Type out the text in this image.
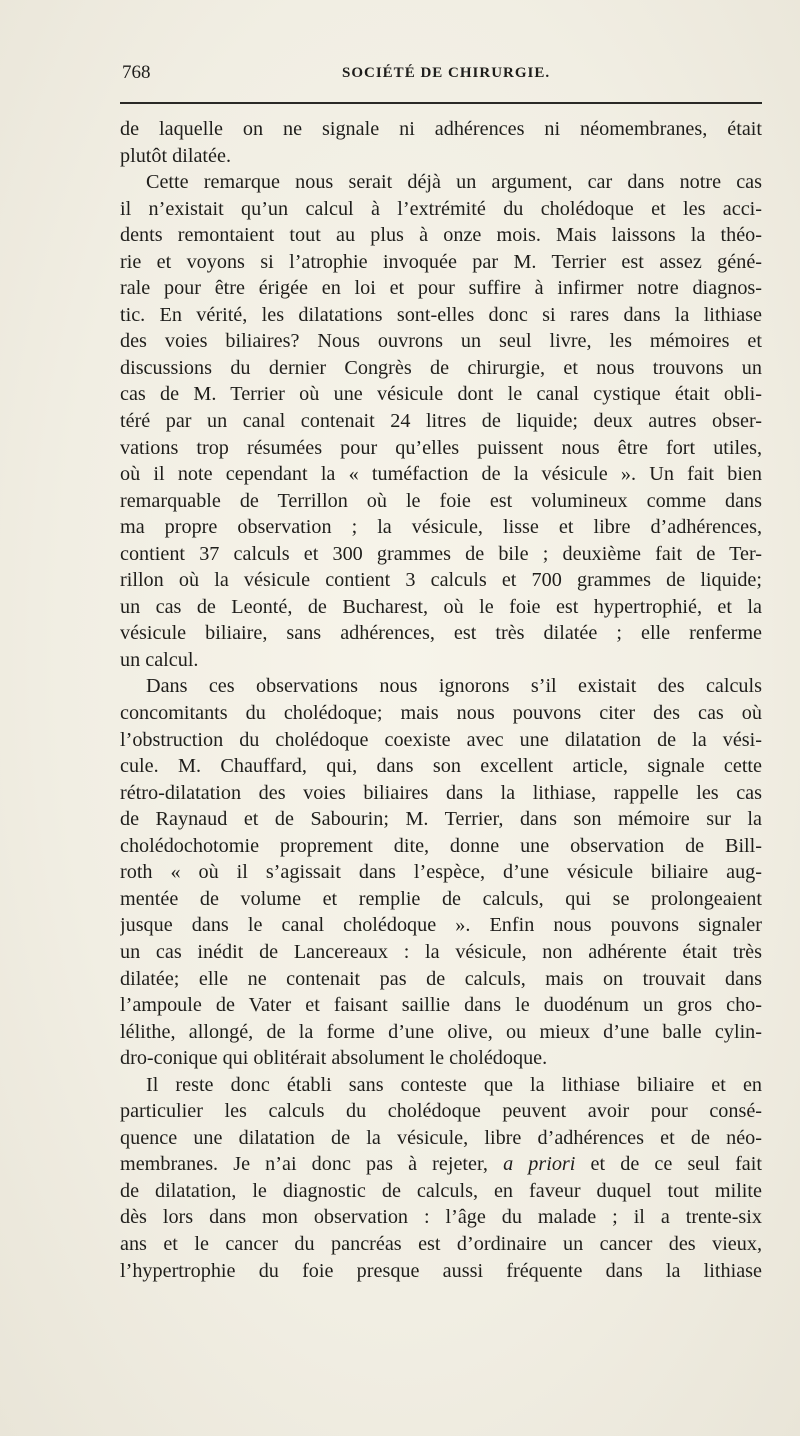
768	SOCIÉTÉ DE CHIRURGIE.
de laquelle on ne signale ni adhérences ni néomembranes, était
plutôt dilatée.
Cette remarque nous serait déjà un argument, car dans notre cas
il n’existait qu’un calcul à l’extrémité du cholédoque et les acci-
dents remontaient tout au plus à onze mois. Mais laissons la théo-
rie et voyons si l’atrophie invoquée par M. Terrier est assez géné-
rale pour être érigée en loi et pour suffire à infirmer notre diagnos-
tic. En vérité, les dilatations sont-elles donc si rares dans la lithiase
des voies biliaires? Nous ouvrons un seul livre, les mémoires et
discussions du dernier Congrès de chirurgie, et nous trouvons un
cas de M. Terrier où une vésicule dont le canal cystique était obli-
téré par un canal contenait 24 litres de liquide; deux autres obser-
vations trop résumées pour qu’elles puissent nous être fort utiles,
où il note cependant la « tuméfaction de la vésicule ». Un fait bien
remarquable de Terrillon où le foie est volumineux comme dans
ma propre observation ; la vésicule, lisse et libre d’adhérences,
contient 37 calculs et 300 grammes de bile ; deuxième fait de Ter-
rillon où la vésicule contient 3 calculs et 700 grammes de liquide;
un cas de Leonté, de Bucharest, où le foie est hypertrophié, et la
vésicule biliaire, sans adhérences, est très dilatée ; elle renferme
un calcul.
Dans ces observations nous ignorons s’il existait des calculs
concomitants du cholédoque; mais nous pouvons citer des cas où
l’obstruction du cholédoque coexiste avec une dilatation de la vési-
cule. M. Chauffard, qui, dans son excellent article, signale cette
rétro-dilatation des voies biliaires dans la lithiase, rappelle les cas
de Raynaud et de Sabourin; M. Terrier, dans son mémoire sur la
cholédochotomie proprement dite, donne une observation de Bill-
roth « où il s’agissait dans l’espèce, d’une vésicule biliaire aug-
mentée de volume et remplie de calculs, qui se prolongeaient
jusque dans le canal cholédoque ». Enfin nous pouvons signaler
un cas inédit de Lancereaux : la vésicule, non adhérente était très
dilatée; elle ne contenait pas de calculs, mais on trouvait dans
l’ampoule de Vater et faisant saillie dans le duodénum un gros cho-
lélithe, allongé, de la forme d’une olive, ou mieux d’une balle cylin-
dro-conique qui oblitérait absolument le cholédoque.
Il reste donc établi sans conteste que la lithiase biliaire et en
particulier les calculs du cholédoque peuvent avoir pour consé-
quence une dilatation de la vésicule, libre d’adhérences et de néo-
membranes. Je n’ai donc pas à rejeter, a priori et de ce seul fait
de dilatation, le diagnostic de calculs, en faveur duquel tout milite
dès lors dans mon observation : l’âge du malade ; il a trente-six
ans et le cancer du pancréas est d’ordinaire un cancer des vieux,
l’hypertrophie du foie presque aussi fréquente dans la lithiase
